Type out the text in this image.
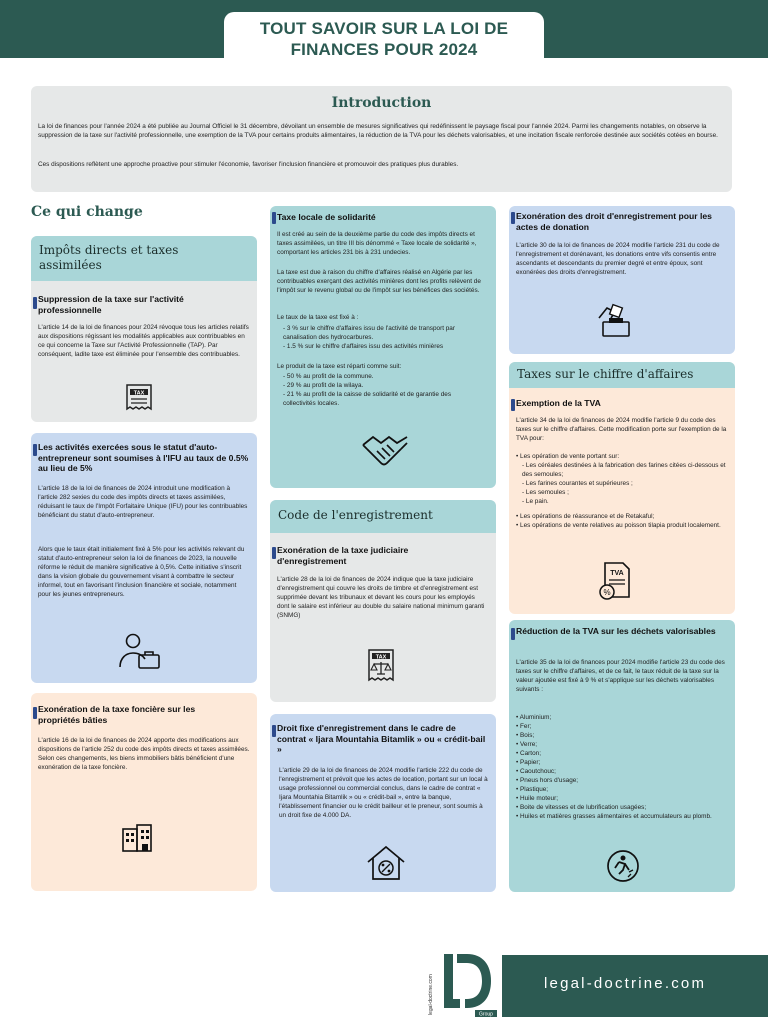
TOUT SAVOIR SUR LA LOI DE
FINANCES POUR 2024
Introduction
La loi de finances pour l'année 2024 a été publiée au Journal Officiel le 31 décembre, dévoilant un ensemble de mesures significatives qui redéfinissent le paysage fiscal pour l'année 2024. Parmi les changements notables, on observe la suppression de la taxe sur l'activité professionnelle, une exemption de la TVA pour certains produits alimentaires, la réduction de la TVA pour les déchets valorisables, et une incitation fiscale renforcée destinée aux sociétés cotées en bourse.
Ces dispositions reflètent une approche proactive pour stimuler l'économie, favoriser l'inclusion financière et promouvoir des pratiques plus durables.
Ce qui change
Impôts directs et taxes assimilées
Suppression de la taxe sur l'activité professionnelle
L'article 14 de la loi de finances pour 2024 révoque tous les articles relatifs aux dispositions régissant les modalités applicables aux contribuables en ce qui concerne la Taxe sur l'Activité Professionnelle (TAP). Par conséquent, ladite taxe est éliminée pour l'ensemble des contribuables.
TAX
Les activités exercées sous le statut d'auto-entrepreneur sont soumises à l'IFU au taux de 0.5% au lieu de 5%
L'article 18 de la loi de finances de 2024 introduit une modification à l'article 282 sexies du code des impôts directs et taxes assimilées, réduisant le taux de l'Impôt Forfaitaire Unique (IFU) pour les contribuables bénéficiant du statut d'auto-entrepreneur.
Alors que le taux était initialement fixé à 5% pour les activités relevant du statut d'auto-entrepreneur selon la loi de finances de 2023, la nouvelle réforme le réduit de manière significative à 0,5%. Cette initiative s'inscrit dans la vision globale du gouvernement visant à combattre le secteur informel, tout en favorisant l'inclusion financière et sociale, notamment pour les jeunes entrepreneurs.
Exonération de la taxe foncière sur les propriétés bâties
L'article 16 de la loi de finances de 2024 apporte des modifications aux dispositions de l'article 252 du code des impôts directs et taxes assimilées. Selon ces changements, les biens immobiliers bâtis bénéficient d'une exonération de la taxe foncière.
Taxe locale de solidarité
Il est créé au sein de la deuxième partie du code des impôts directs et taxes assimilées, un titre III bis dénommé « Taxe locale de solidarité », comportant les articles 231 bis à 231 undecies.
La taxe est due à raison du chiffre d'affaires réalisé en Algérie par les contribuables exerçant des activités minières dont les profits relèvent de l'impôt sur le revenu global ou de l'impôt sur les bénéfices des sociétés.
Le taux de la taxe est fixé à :
- 3 % sur le chiffre d'affaires issu de l'activité de transport par canalisation des hydrocarbures.
- 1.5 % sur le chiffre d'affaires issu des activités minières
Le produit de la taxe est réparti comme suit:
- 50 % au profit de la commune.
- 29 % au profit de la wilaya.
- 21 % au profit de la caisse de solidarité et de garantie des collectivités locales.
Code de l'enregistrement
Exonération de la taxe judiciaire d'enregistrement
L'article 28 de la loi de finances de 2024 indique que la taxe judiciaire d'enregistrement qui couvre les droits de timbre et d'enregistrement est supprimée devant les tribunaux et devant les cours pour les employés dont le salaire est inférieur au double du salaire national minimum garanti (SNMG)
TAX
Droit fixe d'enregistrement dans le cadre de contrat « Ijara Mountahia Bitamlik » ou « crédit-bail »
L'article 29 de la loi de finances de 2024 modifie l'article 222 du code de l'enregistrement et prévoit que les actes de location, portant sur un local à usage professionnel ou commercial conclus, dans le cadre de contrat « Ijara Mountahia Bitamlik » ou « crédit-bail », entre la banque, l'établissement financier ou le crédit bailleur et le preneur, sont soumis à un droit fixe de 4.000 DA.
Exonération des droit d'enregistrement pour les actes de donation
L'article 30 de la loi de finances de 2024 modifie l'article 231 du code de l'enregistrement et dorénavant, les donations entre vifs consentis entre ascendants et descendants du premier degré et entre époux, sont exonérées des droits d'enregistrement.
Taxes sur le chiffre d'affaires
Exemption de la TVA
L'article 34 de la loi de finances de 2024 modifie l'article 9 du code des taxes sur le chiffre d'affaires. Cette modification porte sur l'exemption de la TVA pour:
• Les opération de vente portant sur:
- Les céréales destinées à la fabrication des farines citées ci-dessous et des semoules;
- Les farines courantes et supérieures ;
- Les semoules ;
- Le pain.
• Les opérations de réassurance et de Retakaful;
• Les opérations de vente relatives au poisson tilapia produit localement.
TVA
%
Réduction de la TVA sur les déchets valorisables
L'article 35 de la loi de finances pour 2024 modifie l'article 23 du code des taxes sur le chiffre d'affaires, et de ce fait, le taux réduit de la taxe sur la valeur ajoutée est fixé à 9 % et s'applique sur les déchets valorisables suivants :
• Aluminium;
• Fer;
• Bois;
• Verre;
• Carton;
• Papier;
• Caoutchouc;
• Pneus hors d'usage;
• Plastique;
• Huile moteur;
• Boite de vitesses et de lubrification usagées;
• Huiles et matières grasses alimentaires et accumulateurs au plomb.
legal-doctrine.com
Group
legal-doctrine.com
